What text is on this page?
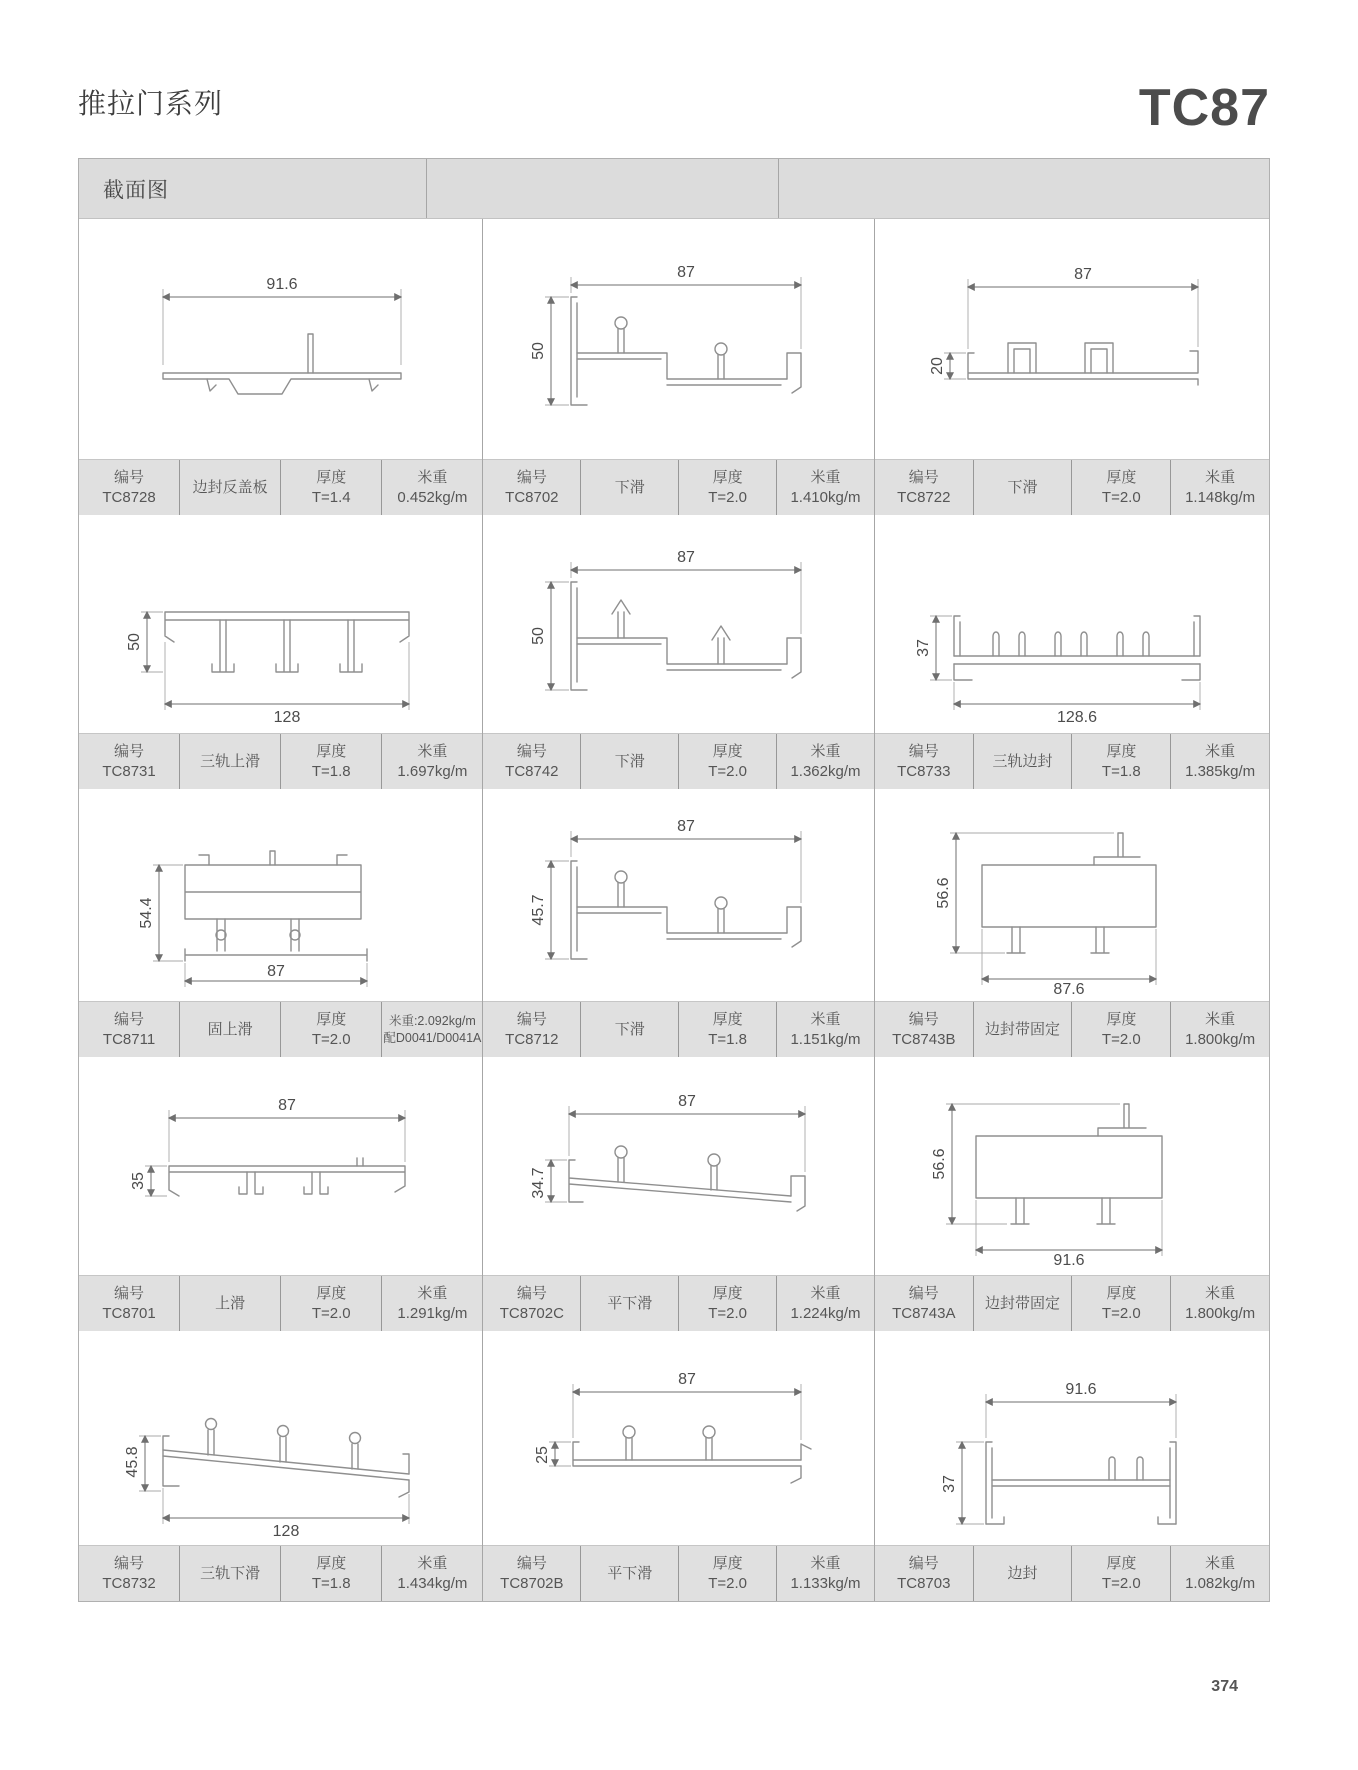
推拉门系列	TC87
截面图
91.6
编号
TC8728
边封反盖板
厚度
T=1.4
米重
0.452kg/m
87
50
编号
TC8702
下滑
厚度
T=2.0
米重
1.410kg/m
87
20
编号
TC8722
下滑
厚度
T=2.0
米重
1.148kg/m
50
128
编号
TC8731
三轨上滑
厚度
T=1.8
米重
1.697kg/m
87
50
编号
TC8742
下滑
厚度
T=2.0
米重
1.362kg/m
37
128.6
编号
TC8733
三轨边封
厚度
T=1.8
米重
1.385kg/m
54.4
87
编号
TC8711
固上滑
厚度
T=2.0
米重:2.092kg/m
配D0041/D0041A
87
45.7
编号
TC8712
下滑
厚度
T=1.8
米重
1.151kg/m
56.6
87.6
编号
TC8743B
边封带固定
厚度
T=2.0
米重
1.800kg/m
87
35
编号
TC8701
上滑
厚度
T=2.0
米重
1.291kg/m
87
34.7
编号
TC8702C
平下滑
厚度
T=2.0
米重
1.224kg/m
56.6
91.6
编号
TC8743A
边封带固定
厚度
T=2.0
米重
1.800kg/m
45.8
128
编号
TC8732
三轨下滑
厚度
T=1.8
米重
1.434kg/m
87
25
编号
TC8702B
平下滑
厚度
T=2.0
米重
1.133kg/m
91.6
37
编号
TC8703
边封
厚度
T=2.0
米重
1.082kg/m
374
